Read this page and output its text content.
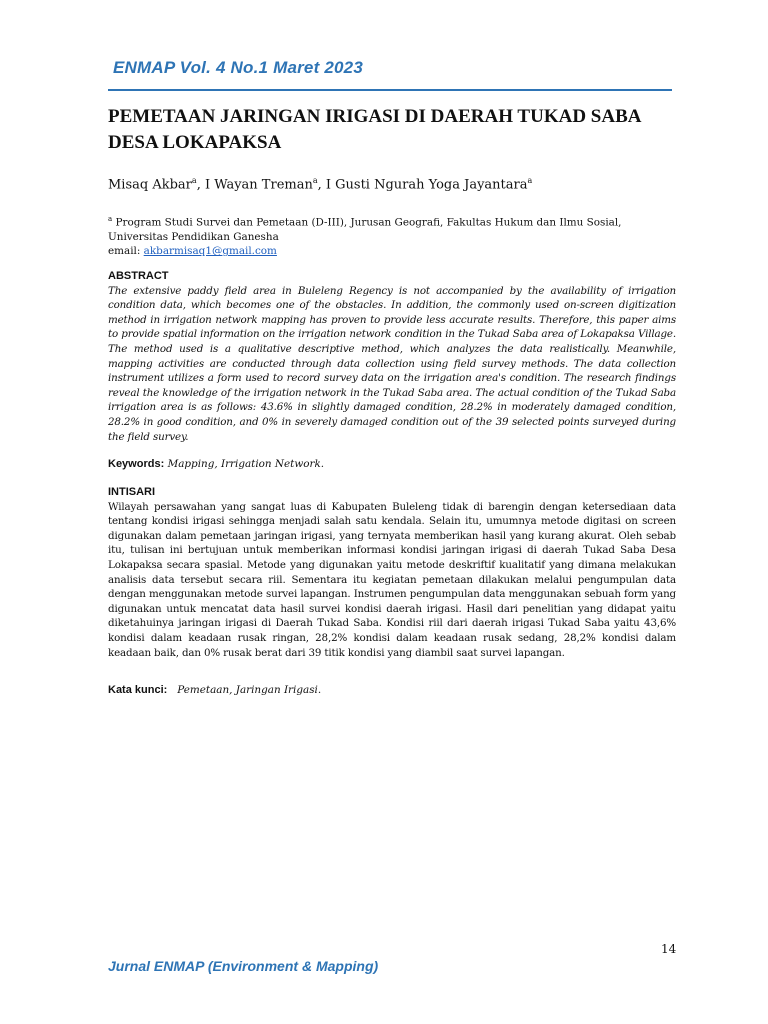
ENMAP Vol. 4 No.1 Maret 2023
PEMETAAN JARINGAN IRIGASI DI DAERAH TUKAD SABA DESA LOKAPAKSA
Misaq Akbar$^a$, I Wayan Treman$^a$, I Gusti Ngurah Yoga Jayantara$^a$
$^a$ Program Studi Survei dan Pemetaan (D-III), Jurusan Geografi, Fakultas Hukum dan Ilmu Sosial, Universitas Pendidikan Ganesha
email: akbarmisaq1@gmail.com
ABSTRACT
The extensive paddy field area in Buleleng Regency is not accompanied by the availability of irrigation condition data, which becomes one of the obstacles. In addition, the commonly used on-screen digitization method in irrigation network mapping has proven to provide less accurate results. Therefore, this paper aims to provide spatial information on the irrigation network condition in the Tukad Saba area of Lokapaksa Village. The method used is a qualitative descriptive method, which analyzes the data realistically. Meanwhile, mapping activities are conducted through data collection using field survey methods. The data collection instrument utilizes a form used to record survey data on the irrigation area's condition. The research findings reveal the knowledge of the irrigation network in the Tukad Saba area. The actual condition of the Tukad Saba irrigation area is as follows: 43.6% in slightly damaged condition, 28.2% in moderately damaged condition, 28.2% in good condition, and 0% in severely damaged condition out of the 39 selected points surveyed during the field survey.
Keywords: Mapping, Irrigation Network.
INTISARI
Wilayah persawahan yang sangat luas di Kabupaten Buleleng tidak di barengin dengan ketersediaan data tentang kondisi irigasi sehingga menjadi salah satu kendala. Selain itu, umumnya metode digitasi on screen digunakan dalam pemetaan jaringan irigasi, yang ternyata memberikan hasil yang kurang akurat. Oleh sebab itu, tulisan ini bertujuan untuk memberikan informasi kondisi jaringan irigasi di daerah Tukad Saba Desa Lokapaksa secara spasial. Metode yang digunakan yaitu metode deskriftif kualitatif yang dimana melakukan analisis data tersebut secara riil. Sementara itu kegiatan pemetaan dilakukan melalui pengumpulan data dengan menggunakan metode survei lapangan. Instrumen pengumpulan data menggunakan sebuah form yang digunakan untuk mencatat data hasil survei kondisi daerah irigasi. Hasil dari penelitian yang didapat yaitu diketahuinya jaringan irigasi di Daerah Tukad Saba. Kondisi riil dari daerah irigasi Tukad Saba yaitu 43,6% kondisi dalam keadaan rusak ringan, 28,2% kondisi dalam keadaan rusak sedang, 28,2% kondisi dalam keadaan baik, dan 0% rusak berat dari 39 titik kondisi yang diambil saat survei lapangan.
Kata kunci: Pemetaan, Jaringan Irigasi.
14
Jurnal ENMAP (Environment & Mapping)
